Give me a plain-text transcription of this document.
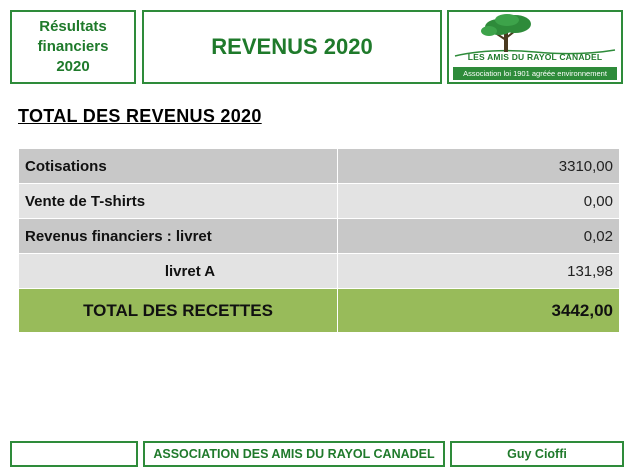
Résultats
financiers
2020
REVENUS 2020	LES AMIS DU RAYOL CANADEL
Association loi 1901 agréée environnement
TOTAL DES REVENUS 2020
Cotisations	3310,00
Vente de T-shirts	0,00
Revenus financiers : livret	0,02
livret A	131,98
TOTAL DES RECETTES	3442,00
ASSOCIATION DES AMIS DU RAYOL CANADEL	Guy Cioffi
